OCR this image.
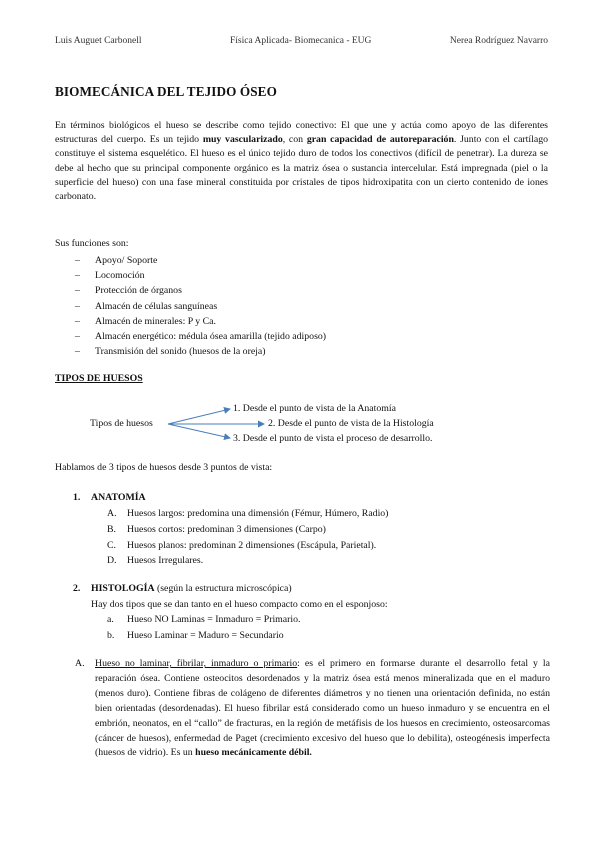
Luis Auguet Carbonell	Física Aplicada- Biomecanica - EUG	Nerea Rodríguez Navarro
BIOMECÁNICA DEL TEJIDO ÓSEO

En términos biológicos el hueso se describe como tejido conectivo: El que une y actúa como apoyo de las diferentes estructuras del cuerpo. Es un tejido muy vascularizado, con gran capacidad de autoreparación. Junto con el cartílago constituye el sistema esquelético. El hueso es el único tejido duro de todos los conectivos (difícil de penetrar). La dureza se debe al hecho que su principal componente orgánico es la matriz ósea o sustancia intercelular. Está impregnada (piel o la superficie del hueso) con una fase mineral constituida por cristales de tipos hidroxipatita con un cierto contenido de iones carbonato.

Sus funciones son:

– Apoyo/ Soporte
– Locomoción
– Protección de órganos
– Almacén de células sanguíneas
– Almacén de minerales: P y Ca.
– Almacén energético: médula ósea amarilla (tejido adiposo)
– Transmisión del sonido (huesos de la oreja)

TIPOS DE HUESOS

Tipos de huesos
1. Desde el punto de vista de la Anatomía
2. Desde el punto de vista de la Histología
3. Desde el punto de vista el proceso de desarrollo.

Hablamos de 3 tipos de huesos desde 3 puntos de vista:

1. ANATOMÍA
A. Huesos largos: predomina una dimensión (Fémur, Húmero, Radio)
B. Huesos cortos: predominan 3 dimensiones (Carpo)
C. Huesos planos: predominan 2 dimensiones (Escápula, Parietal).
D. Huesos Irregulares.
2. HISTOLOGÍA (según la estructura microscópica)

Hay dos tipos que se dan tanto en el hueso compacto como en el esponjoso:

a. Hueso NO Laminas = Inmaduro = Primario.
b. Hueso Laminar = Maduro = Secundario

A. Hueso no laminar, fibrilar, inmaduro o primario: es el primero en formarse durante el desarrollo fetal y la reparación ósea. Contiene osteocitos desordenados y la matriz ósea está menos mineralizada que en el maduro (menos duro). Contiene fibras de colágeno de diferentes diámetros y no tienen una orientación definida, no están bien orientadas (desordenadas). El hueso fibrilar está considerado como un hueso inmaduro y se encuentra en el embrión, neonatos, en el “callo” de fracturas, en la región de metáfisis de los huesos en crecimiento, osteosarcomas (cáncer de huesos), enfermedad de Paget (crecimiento excesivo del hueso que lo debilita), osteogénesis imperfecta (huesos de vidrio). Es un hueso mecánicamente débil.
